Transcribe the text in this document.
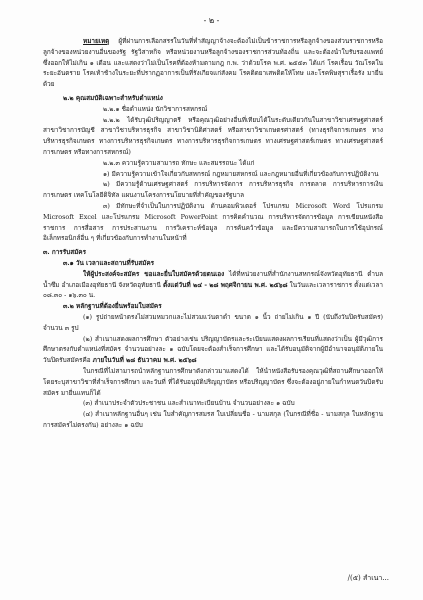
- ๒ -

หมายเหตุ ผู้ที่ผ่านการเลือกสรรในวันที่ทำสัญญาจ้างจะต้องไม่เป็นข้าราชการหรือลูกจ้างของส่วนราชการหรือลูกจ้างของหน่วยงานอื่นของรัฐ รัฐวิสาหกิจ หรือหน่วยงานหรือลูกจ้างของราชการส่วนท้องถิ่น และจะต้องนำใบรับรองแพทย์ ซึ่งออกให้ไม่เกิน ๑ เดือน และแสดงว่าไม่เป็นโรคที่ต้องห้ามตามกฎ ก.พ. ว่าด้วยโรค พ.ศ. ๒๕๕๓ ได้แก่ โรคเรื้อน วัณโรคในระยะอันตราย โรคเท้าช้างในระยะที่ปรากฏอาการเป็นที่รังเกียจแก่สังคม โรคติดยาเสพติดให้โทษ และโรคพิษสุราเรื้อรัง มายื่นด้วย

๒.๒ คุณสมบัติเฉพาะสำหรับตำแหน่ง

๒.๒.๑ ชื่อตำแหน่ง นักวิชาการสหกรณ์

๒.๒.๒ ได้รับวุฒิปริญญาตรี หรือคุณวุฒิอย่างอื่นที่เทียบได้ในระดับเดียวกันในสาขาวิชาเศรษฐศาสตร์ สาขาวิชาการบัญชี สาขาวิชาบริหารธุรกิจ สาขาวิชานิติศาสตร์ หรือสาขาวิชาเกษตรศาสตร์ (ทางธุรกิจการเกษตร ทางบริหารธุรกิจเกษตร ทางการบริหารธุรกิจเกษตร ทางการบริหารธุรกิจการเกษตร ทางเศรษฐศาสตร์เกษตร ทางเศรษฐศาสตร์การเกษตร หรือทางการสหกรณ์)

๒.๒.๓ ความรู้ความสามารถ ทักษะ และสมรรถนะ ได้แก่

๑) มีความรู้ความเข้าใจเกี่ยวกับสหกรณ์ กฎหมายสหกรณ์ และกฎหมายอื่นที่เกี่ยวข้องกับการปฏิบัติงาน

๒) มีความรู้ด้านเศรษฐศาสตร์ การบริหารจัดการ การบริหารธุรกิจ การตลาด การบริหารการเงิน การเกษตร เทคโนโลยีดิจิทัล แผนงานโครงการนโยบายที่สำคัญของรัฐบาล

๓) มีทักษะที่จำเป็นในการปฏิบัติงาน ด้านคอมพิวเตอร์ โปรแกรม Microsoft Word โปรแกรม Microsoft Excel และโปรแกรม Microsoft PowerPoint การคิดคำนวณ การบริหารจัดการข้อมูล การเขียนหนังสือราชการ การสื่อสาร การประสานงาน การวิเคราะห์ข้อมูล การค้นคว้าข้อมูล และมีความสามารถในการใช้อุปกรณ์อิเล็กทรอนิกส์อื่น ๆ ที่เกี่ยวข้องกับการทำงานในหน้าที่

๓. การรับสมัคร

๓.๑ วัน เวลาและสถานที่รับสมัคร

ให้ผู้ประสงค์จะสมัคร ขอและยื่นใบสมัครด้วยตนเอง ได้ที่หน่วยงานที่สำนักงานสหกรณ์จังหวัดอุทัยธานี ตำบลน้ำซึม อำเภอเมืองอุทัยธานี จังหวัดอุทัยธานี ตั้งแต่วันที่ ๒๔ - ๒๘ พฤศจิกายน พ.ศ. ๒๕๖๘ ในวันและเวลาราชการ ตั้งแต่เวลา ๐๘.๓๐ - ๑๖.๓๐ น.

๓.๒ หลักฐานที่ต้องยื่นพร้อมใบสมัคร

(๑) รูปถ่ายหน้าตรงไม่สวมหมวกและไม่สวมแว่นตาดำ ขนาด ๑ นิ้ว ถ่ายไม่เกิน ๑ ปี (นับถึงวันปิดรับสมัคร) จำนวน ๓ รูป

(๒) สำเนาแสดงผลการศึกษา ตัวอย่างเช่น ปริญญาบัตรและระเบียนแสดงผลการเรียนที่แสดงว่าเป็น ผู้มีวุฒิการศึกษาตรงกับตำแหน่งที่สมัคร จำนวนอย่างละ ๑ ฉบับโดยจะต้องสำเร็จการศึกษา และได้รับอนุมัติจากผู้มีอำนาจอนุมัติภายในวันปิดรับสมัครคือ ภายในวันที่ ๒๘ ธันวาคม พ.ศ. ๒๕๖๘

ในกรณีที่ไม่สามารถนำหลักฐานการศึกษาดังกล่าวมาแสดงได้ ให้นำหนังสือรับรองคุณวุฒิที่สถานศึกษาออกให้ โดยระบุสาขาวิชาที่สำเร็จการศึกษา และวันที่ ที่ได้รับอนุมัติปริญญาบัตร หรือปริญญาบัตร ซึ่งจะต้องอยู่ภายในกำหนดวันปิดรับสมัคร มายื่นแทนก็ได้

(๓) สำเนาประจำตัวประชาชน และสำเนาทะเบียนบ้าน จำนวนอย่างละ ๑ ฉบับ

(๔) สำเนาหลักฐานอื่นๆ เช่น ใบสำคัญการสมรส ใบเปลี่ยนชื่อ - นามสกุล (ในกรณีที่ชื่อ - นามสกุล ในหลักฐานการสมัครไม่ตรงกัน) อย่างละ ๑ ฉบับ

/(๕) สำเนา...
